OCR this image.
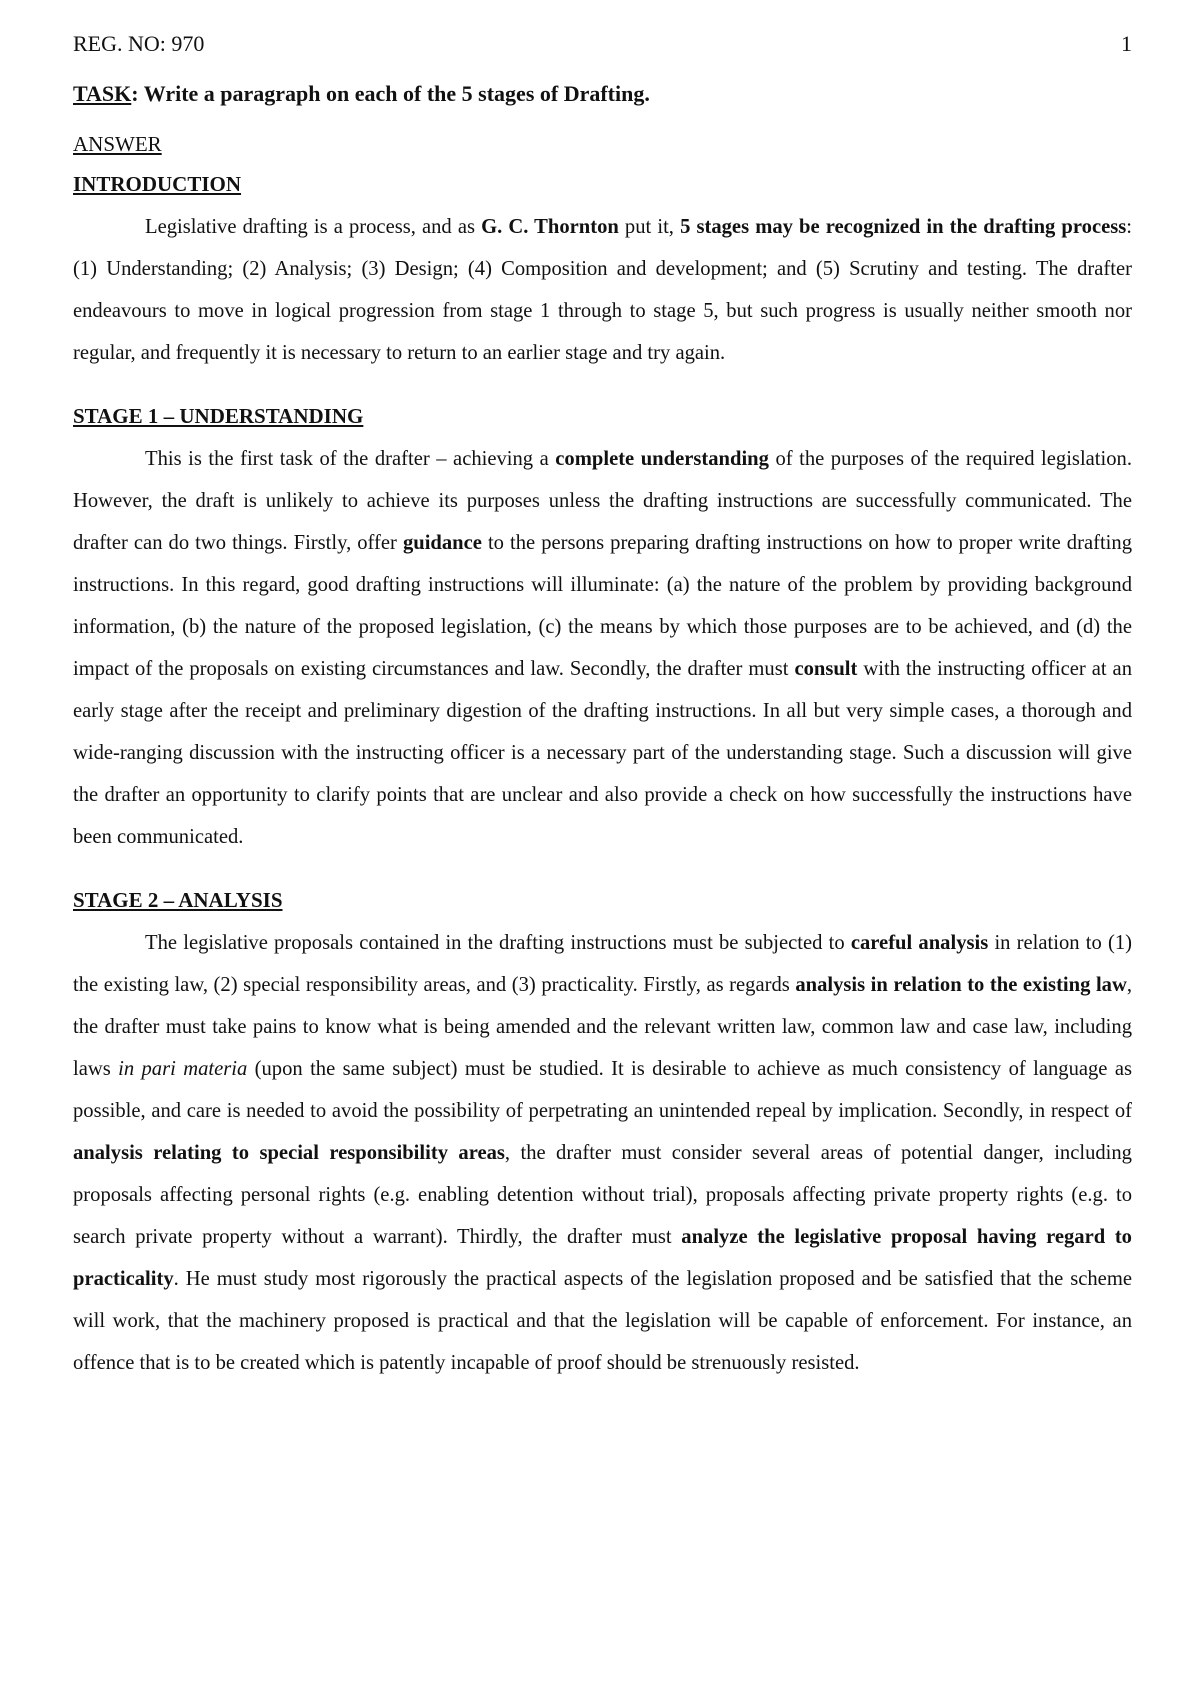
REG. NO: 970	1
TASK: Write a paragraph on each of the 5 stages of Drafting.
ANSWER
INTRODUCTION

Legislative drafting is a process, and as G. C. Thornton put it, 5 stages may be recognized in the drafting process: (1) Understanding; (2) Analysis; (3) Design; (4) Composition and development; and (5) Scrutiny and testing. The drafter endeavours to move in logical progression from stage 1 through to stage 5, but such progress is usually neither smooth nor regular, and frequently it is necessary to return to an earlier stage and try again.

STAGE 1 – UNDERSTANDING

This is the first task of the drafter – achieving a complete understanding of the purposes of the required legislation. However, the draft is unlikely to achieve its purposes unless the drafting instructions are successfully communicated. The drafter can do two things. Firstly, offer guidance to the persons preparing drafting instructions on how to proper write drafting instructions. In this regard, good drafting instructions will illuminate: (a) the nature of the problem by providing background information, (b) the nature of the proposed legislation, (c) the means by which those purposes are to be achieved, and (d) the impact of the proposals on existing circumstances and law. Secondly, the drafter must consult with the instructing officer at an early stage after the receipt and preliminary digestion of the drafting instructions. In all but very simple cases, a thorough and wide-ranging discussion with the instructing officer is a necessary part of the understanding stage. Such a discussion will give the drafter an opportunity to clarify points that are unclear and also provide a check on how successfully the instructions have been communicated.

STAGE 2 – ANALYSIS

The legislative proposals contained in the drafting instructions must be subjected to careful analysis in relation to (1) the existing law, (2) special responsibility areas, and (3) practicality. Firstly, as regards analysis in relation to the existing law, the drafter must take pains to know what is being amended and the relevant written law, common law and case law, including laws in pari materia (upon the same subject) must be studied. It is desirable to achieve as much consistency of language as possible, and care is needed to avoid the possibility of perpetrating an unintended repeal by implication. Secondly, in respect of analysis relating to special responsibility areas, the drafter must consider several areas of potential danger, including proposals affecting personal rights (e.g. enabling detention without trial), proposals affecting private property rights (e.g. to search private property without a warrant). Thirdly, the drafter must analyze the legislative proposal having regard to practicality. He must study most rigorously the practical aspects of the legislation proposed and be satisfied that the scheme will work, that the machinery proposed is practical and that the legislation will be capable of enforcement. For instance, an offence that is to be created which is patently incapable of proof should be strenuously resisted.
